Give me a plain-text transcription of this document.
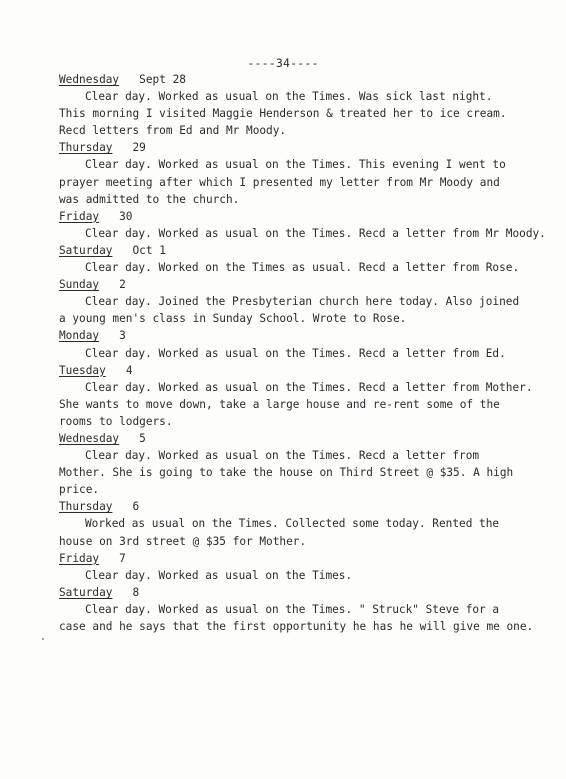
----34----
Wednesday Sept 28
Clear day. Worked as usual on the Times. Was sick last night.
This morning I visited Maggie Henderson & treated her to ice cream.
Recd letters from Ed and Mr Moody.
Thursday 29
Clear day. Worked as usual on the Times. This evening I went to
prayer meeting after which I presented my letter from Mr Moody and
was admitted to the church.
Friday 30
Clear day. Worked as usual on the Times. Recd a letter from Mr Moody.
Saturday Oct 1
Clear day. Worked on the Times as usual. Recd a letter from Rose.
Sunday 2
Clear day. Joined the Presbyterian church here today. Also joined
a young men's class in Sunday School. Wrote to Rose.
Monday 3
Clear day. Worked as usual on the Times. Recd a letter from Ed.
Tuesday 4
Clear day. Worked as usual on the Times. Recd a letter from Mother.
She wants to move down, take a large house and re-rent some of the
rooms to lodgers.
Wednesday 5
Clear day. Worked as usual on the Times. Recd a letter from
Mother. She is going to take the house on Third Street @ $35. A high
price.
Thursday 6
Worked as usual on the Times. Collected some today. Rented the
house on 3rd street @ $35 for Mother.
Friday 7
Clear day. Worked as usual on the Times.
Saturday 8
Clear day. Worked as usual on the Times. " Struck" Steve for a
case and he says that the first opportunity he has he will give me one.
